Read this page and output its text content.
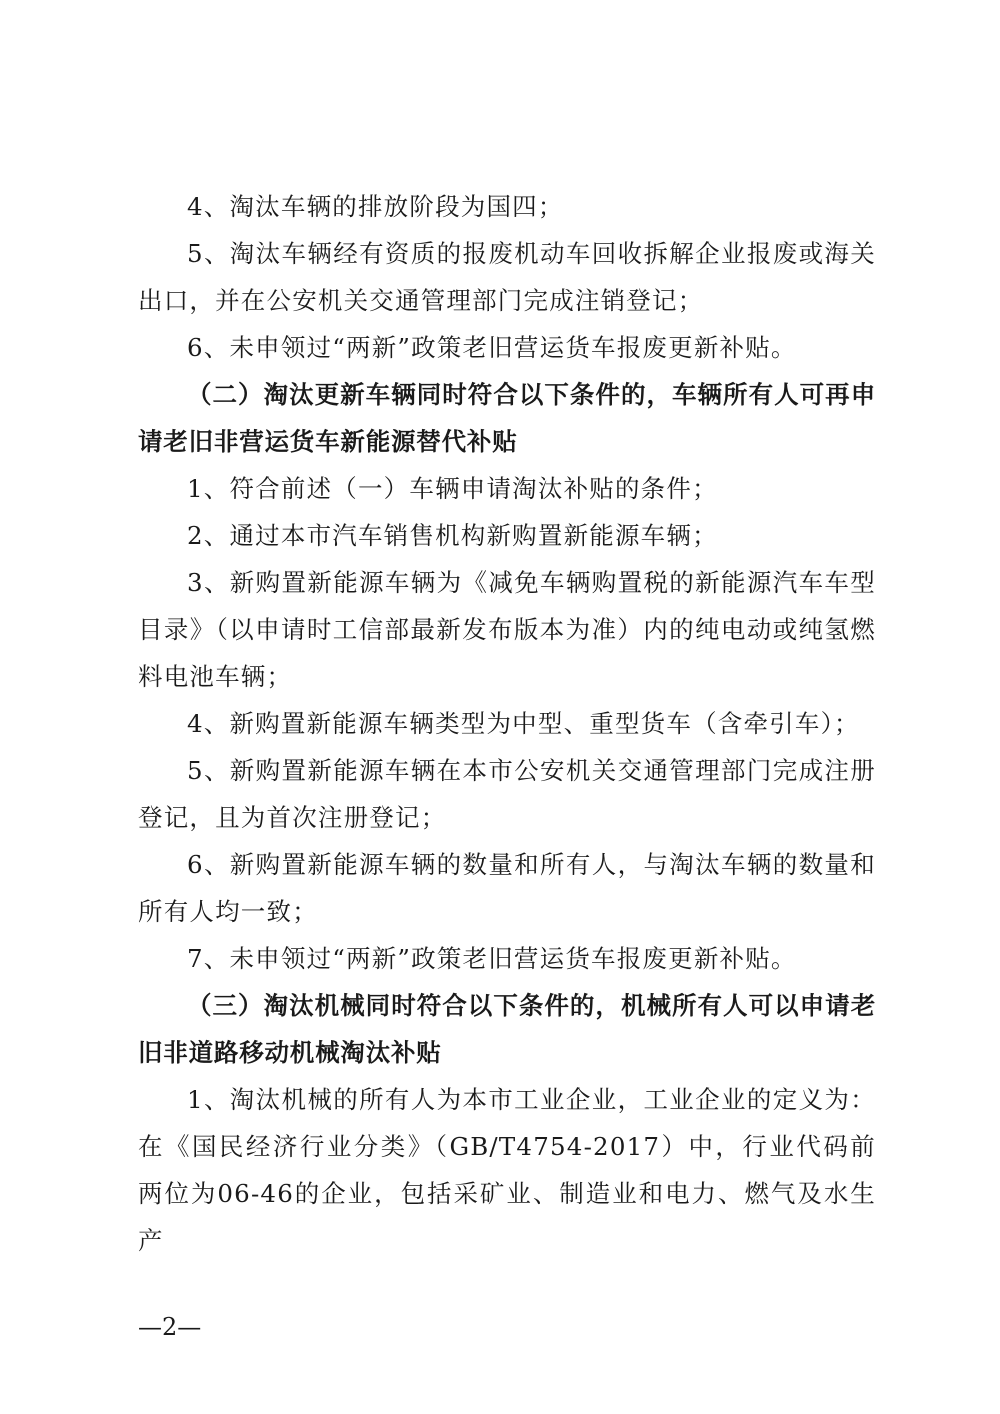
4、淘汰车辆的排放阶段为国四；

5、淘汰车辆经有资质的报废机动车回收拆解企业报废或海关出口，并在公安机关交通管理部门完成注销登记；

6、未申领过“两新”政策老旧营运货车报废更新补贴。

（二）淘汰更新车辆同时符合以下条件的，车辆所有人可再申请老旧非营运货车新能源替代补贴

1、符合前述（一）车辆申请淘汰补贴的条件；

2、通过本市汽车销售机构新购置新能源车辆；

3、新购置新能源车辆为《减免车辆购置税的新能源汽车车型目录》（以申请时工信部最新发布版本为准）内的纯电动或纯氢燃料电池车辆；

4、新购置新能源车辆类型为中型、重型货车（含牵引车）；

5、新购置新能源车辆在本市公安机关交通管理部门完成注册登记，且为首次注册登记；

6、新购置新能源车辆的数量和所有人，与淘汰车辆的数量和所有人均一致；

7、未申领过“两新”政策老旧营运货车报废更新补贴。

（三）淘汰机械同时符合以下条件的，机械所有人可以申请老旧非道路移动机械淘汰补贴

1、淘汰机械的所有人为本市工业企业，工业企业的定义为：在《国民经济行业分类》（GB/T4754-2017）中，行业代码前两位为06-46的企业，包括采矿业、制造业和电力、燃气及水生产

—2—
